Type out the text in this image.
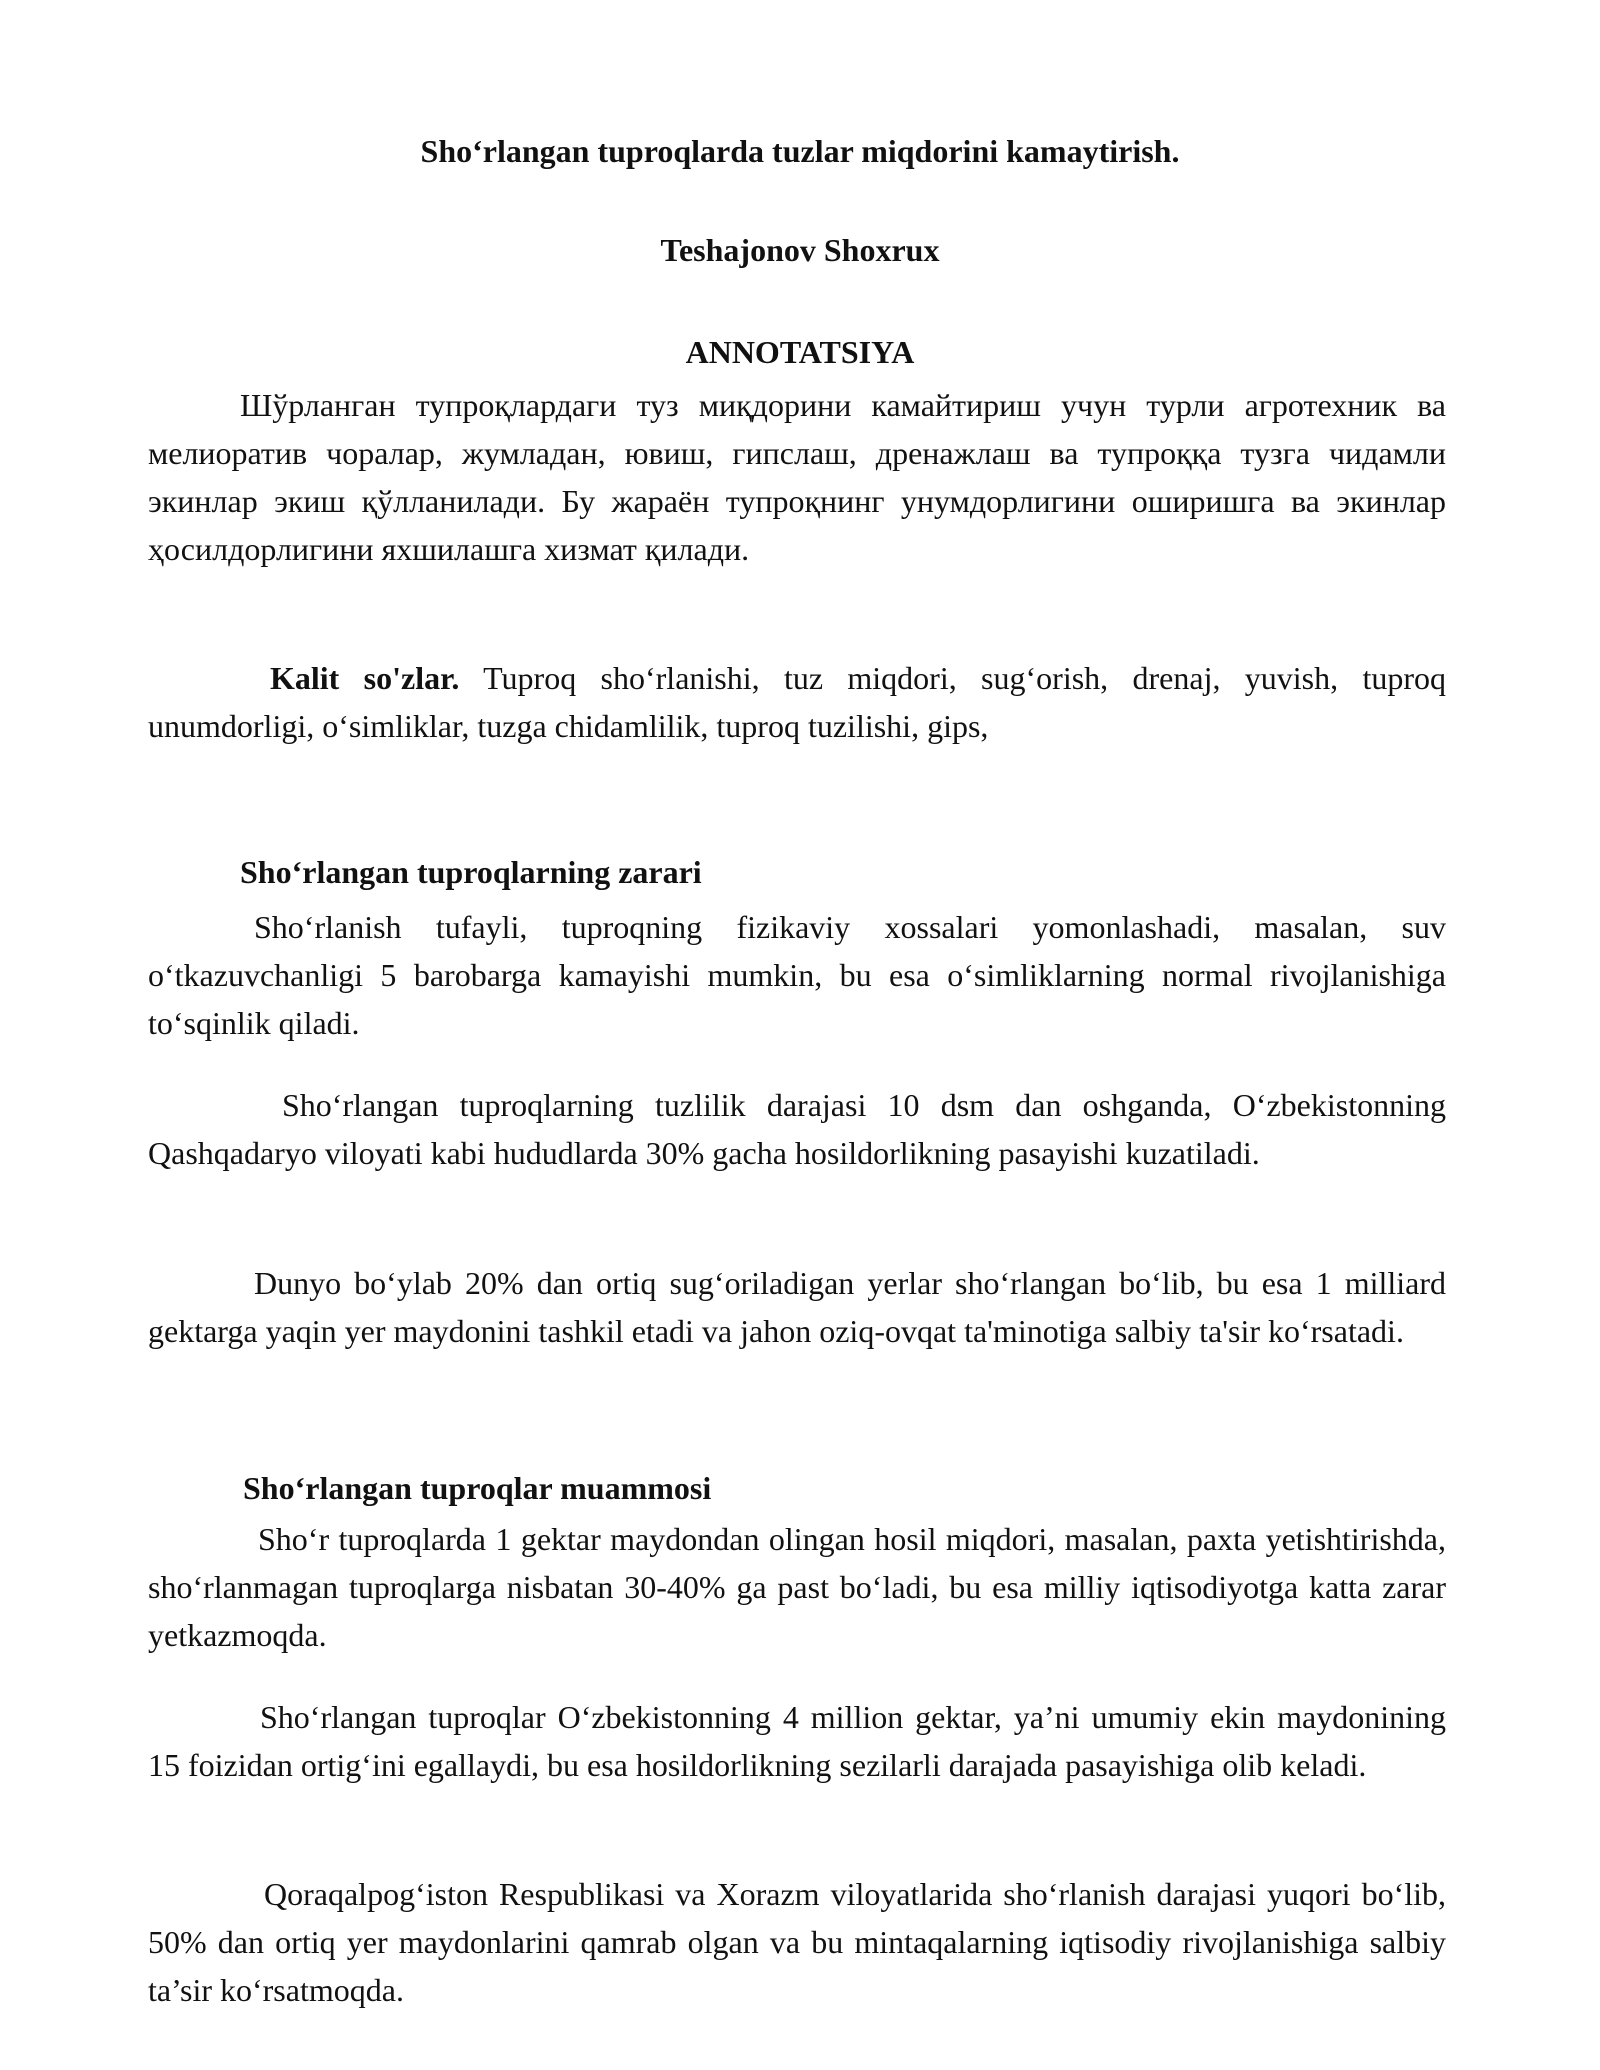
Sho‘rlangan tuproqlarda tuzlar miqdorini kamaytirish.

Teshajonov Shoxrux

ANNOTATSIYA

Шўрланган тупроқлардаги туз миқдорини камайтириш учун турли агротехник ва мелиоратив чоралар, жумладан, ювиш, гипслаш, дренажлаш ва тупроққа тузга чидамли экинлар экиш қўлланилади. Бу жараён тупроқнинг унумдорлигини оширишга ва экинлар ҳосилдорлигини яхшилашга хизмат қилади.

Kalit so'zlar. Tuproq sho‘rlanishi, tuz miqdori, sug‘orish, drenaj, yuvish, tuproq unumdorligi, o‘simliklar, tuzga chidamlilik, tuproq tuzilishi, gips,

Sho‘rlangan tuproqlarning zarari

Sho‘rlanish tufayli, tuproqning fizikaviy xossalari yomonlashadi, masalan, suv o‘tkazuvchanligi 5 barobarga kamayishi mumkin, bu esa o‘simliklarning normal rivojlanishiga to‘sqinlik qiladi.

Sho‘rlangan tuproqlarning tuzlilik darajasi 10 dsm dan oshganda, O‘zbekistonning Qashqadaryo viloyati kabi hududlarda 30% gacha hosildorlikning pasayishi kuzatiladi.

Dunyo bo‘ylab 20% dan ortiq sug‘oriladigan yerlar sho‘rlangan bo‘lib, bu esa 1 milliard gektarga yaqin yer maydonini tashkil etadi va jahon oziq-ovqat ta'minotiga salbiy ta'sir ko‘rsatadi.

Sho‘rlangan tuproqlar muammosi

Sho‘r tuproqlarda 1 gektar maydondan olingan hosil miqdori, masalan, paxta yetishtirishda, sho‘rlanmagan tuproqlarga nisbatan 30-40% ga past bo‘ladi, bu esa milliy iqtisodiyotga katta zarar yetkazmoqda.

Sho‘rlangan tuproqlar O‘zbekistonning 4 million gektar, ya’ni umumiy ekin maydonining 15 foizidan ortig‘ini egallaydi, bu esa hosildorlikning sezilarli darajada pasayishiga olib keladi.

Qoraqalpog‘iston Respublikasi va Xorazm viloyatlarida sho‘rlanish darajasi yuqori bo‘lib, 50% dan ortiq yer maydonlarini qamrab olgan va bu mintaqalarning iqtisodiy rivojlanishiga salbiy ta’sir ko‘rsatmoqda.
